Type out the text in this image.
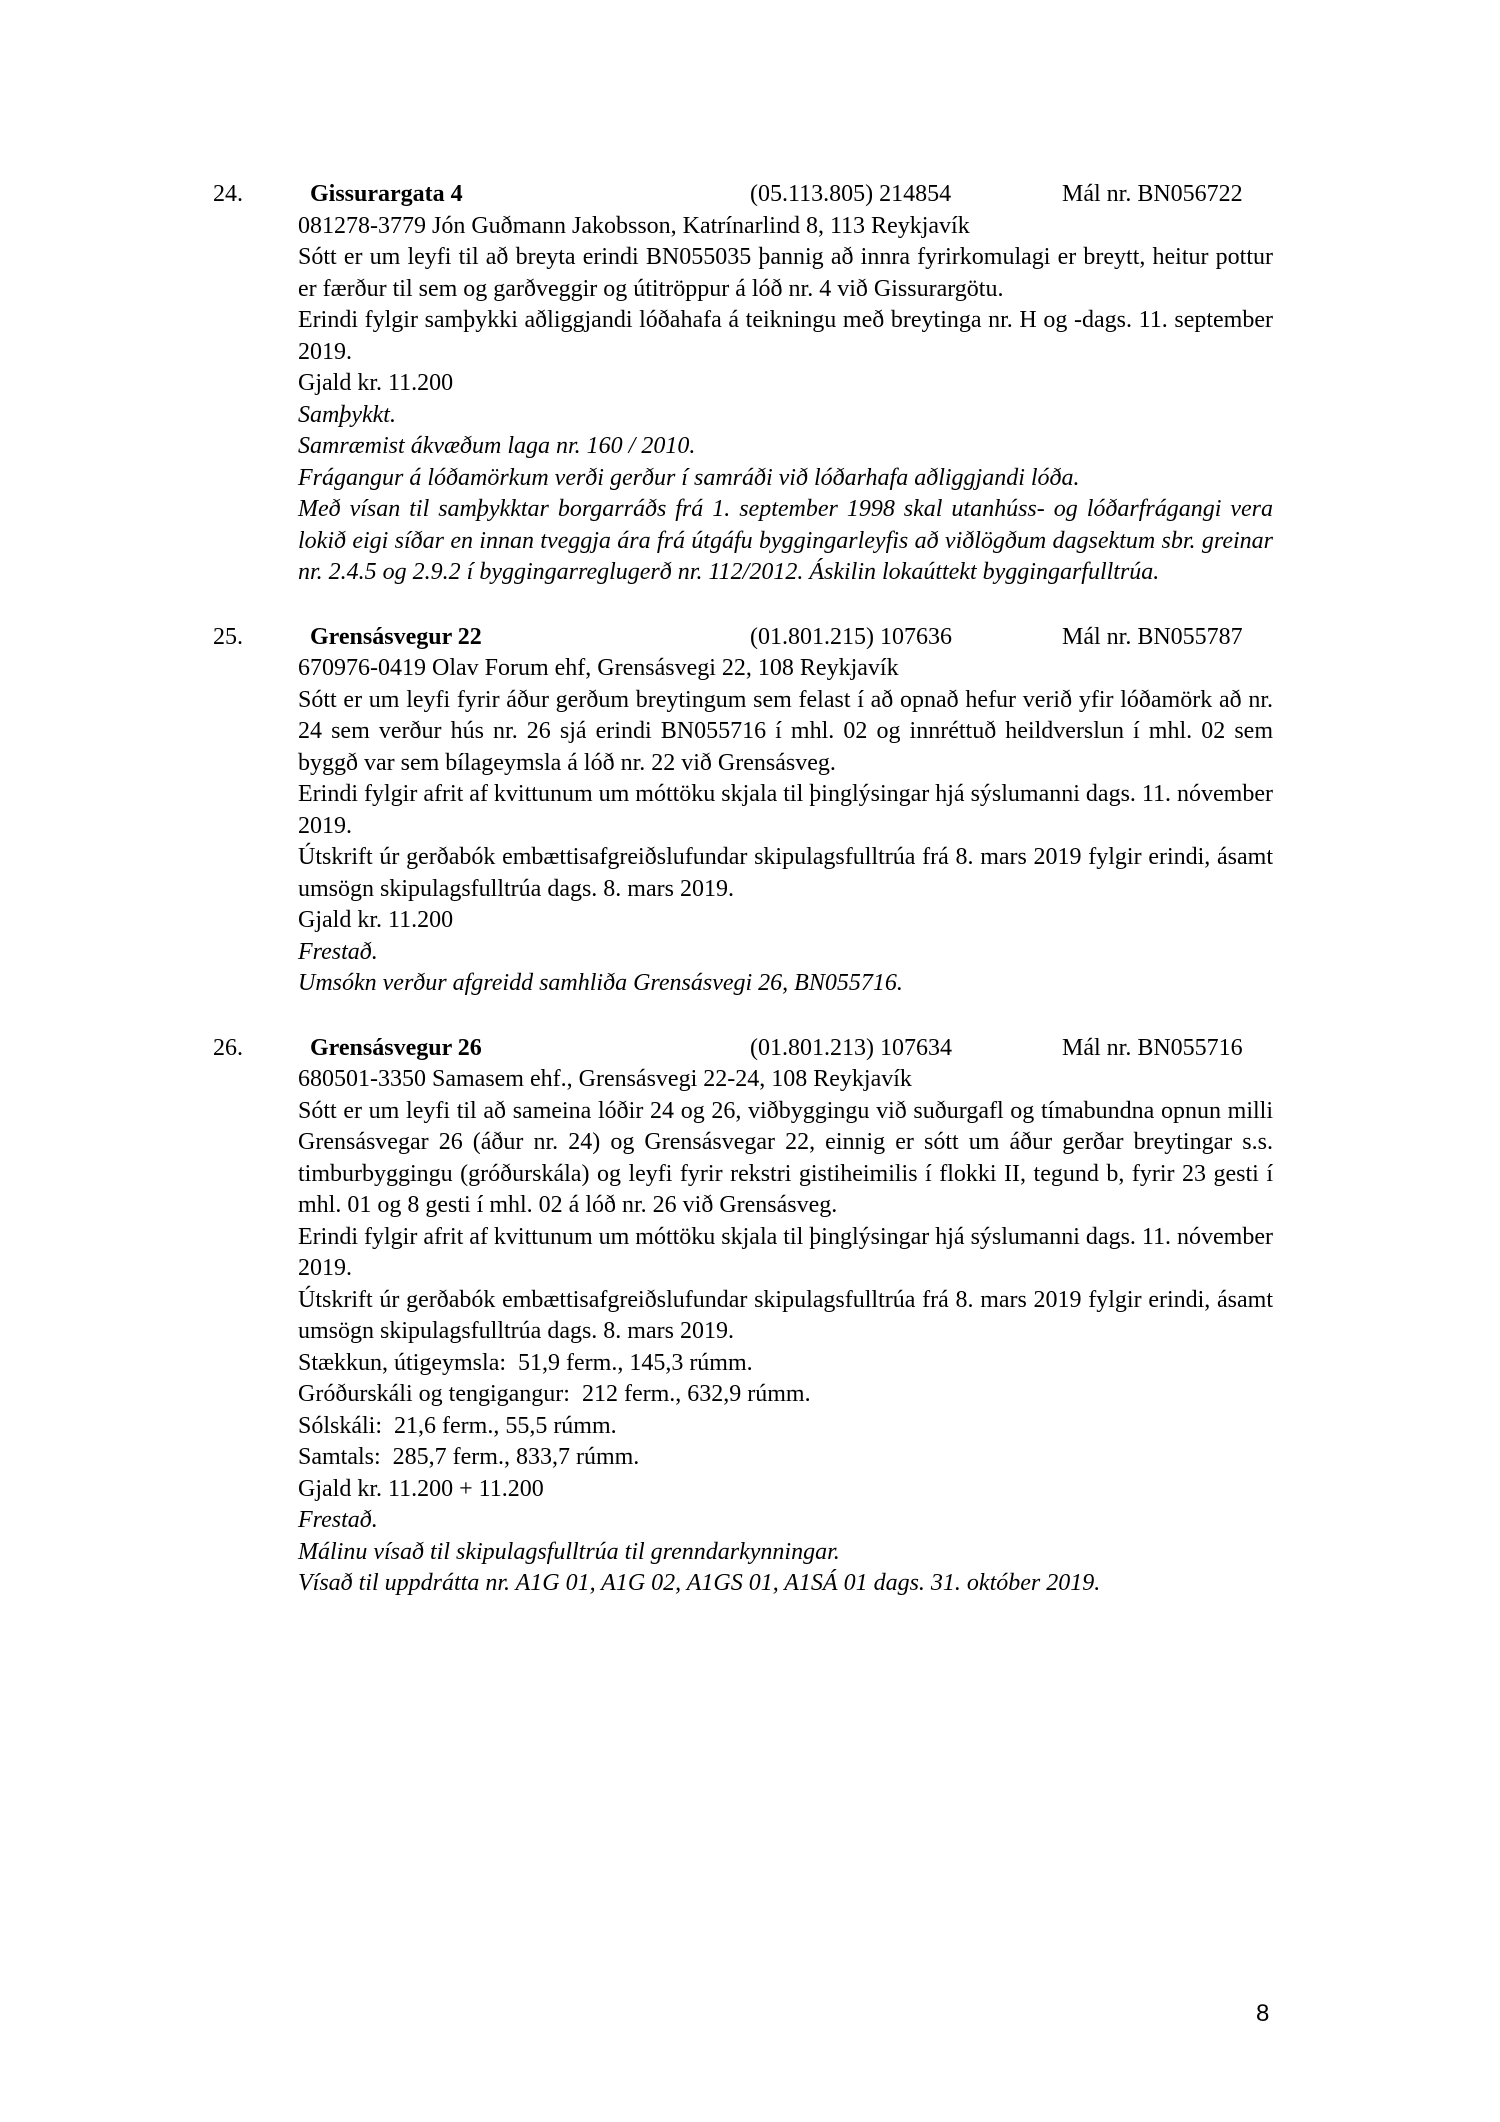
24.	Gissurargata 4	(05.113.805) 214854	Mál nr. BN056722
081278-3779 Jón Guðmann Jakobsson, Katrínarlind 8, 113 Reykjavík

Sótt er um leyfi til að breyta erindi BN055035 þannig að innra fyrirkomulagi er breytt, heitur pottur er færður til sem og garðveggir og útitröppur á lóð nr. 4 við Gissurargötu.

Erindi fylgir samþykki aðliggjandi lóðahafa á teikningu með breytinga nr. H og -dags. 11. september 2019.

Gjald kr. 11.200

Samþykkt.

Samræmist ákvæðum laga nr. 160 / 2010.

Frágangur á lóðamörkum verði gerður í samráði við lóðarhafa aðliggjandi lóða.

Með vísan til samþykktar borgarráðs frá 1. september 1998 skal utanhúss- og lóðarfrágangi vera lokið eigi síðar en innan tveggja ára frá útgáfu byggingarleyfis að viðlögðum dagsektum sbr. greinar nr. 2.4.5 og 2.9.2 í byggingarreglugerð nr. 112/2012. Áskilin lokaúttekt byggingarfulltrúa.

25.	Grensásvegur 22	(01.801.215) 107636	Mál nr. BN055787
670976-0419 Olav Forum ehf, Grensásvegi 22, 108 Reykjavík

Sótt er um leyfi fyrir áður gerðum breytingum sem felast í að opnað hefur verið yfir lóðamörk að nr. 24 sem verður hús nr. 26 sjá erindi BN055716 í mhl. 02 og innréttuð heildverslun í mhl. 02 sem byggð var sem bílageymsla á lóð nr. 22 við Grensásveg.

Erindi fylgir afrit af kvittunum um móttöku skjala til þinglýsingar hjá sýslumanni dags. 11. nóvember 2019.

Útskrift úr gerðabók embættisafgreiðslufundar skipulagsfulltrúa frá 8. mars 2019 fylgir erindi, ásamt umsögn skipulagsfulltrúa dags. 8. mars 2019.

Gjald kr. 11.200

Frestað.

Umsókn verður afgreidd samhliða Grensásvegi 26, BN055716.

26.	Grensásvegur 26	(01.801.213) 107634	Mál nr. BN055716
680501-3350 Samasem ehf., Grensásvegi 22-24, 108 Reykjavík

Sótt er um leyfi til að sameina lóðir 24 og 26, viðbyggingu við suðurgafl og tímabundna opnun milli Grensásvegar 26 (áður nr. 24) og Grensásvegar 22, einnig er sótt um áður gerðar breytingar s.s. timburbyggingu (gróðurskála) og leyfi fyrir rekstri gistiheimilis í flokki II, tegund b, fyrir 23 gesti í mhl. 01 og 8 gesti í mhl. 02 á lóð nr. 26 við Grensásveg.

Erindi fylgir afrit af kvittunum um móttöku skjala til þinglýsingar hjá sýslumanni dags. 11. nóvember 2019.

Útskrift úr gerðabók embættisafgreiðslufundar skipulagsfulltrúa frá 8. mars 2019 fylgir erindi, ásamt umsögn skipulagsfulltrúa dags. 8. mars 2019.

Stækkun, útigeymsla:  51,9 ferm., 145,3 rúmm.

Gróðurskáli og tengigangur:  212 ferm., 632,9 rúmm.

Sólskáli:  21,6 ferm., 55,5 rúmm.

Samtals:  285,7 ferm., 833,7 rúmm.

Gjald kr. 11.200 + 11.200

Frestað.

Málinu vísað til skipulagsfulltrúa til grenndarkynningar.

Vísað til uppdrátta nr. A1G 01, A1G 02, A1GS 01, A1SÁ 01 dags. 31. október 2019.

8
